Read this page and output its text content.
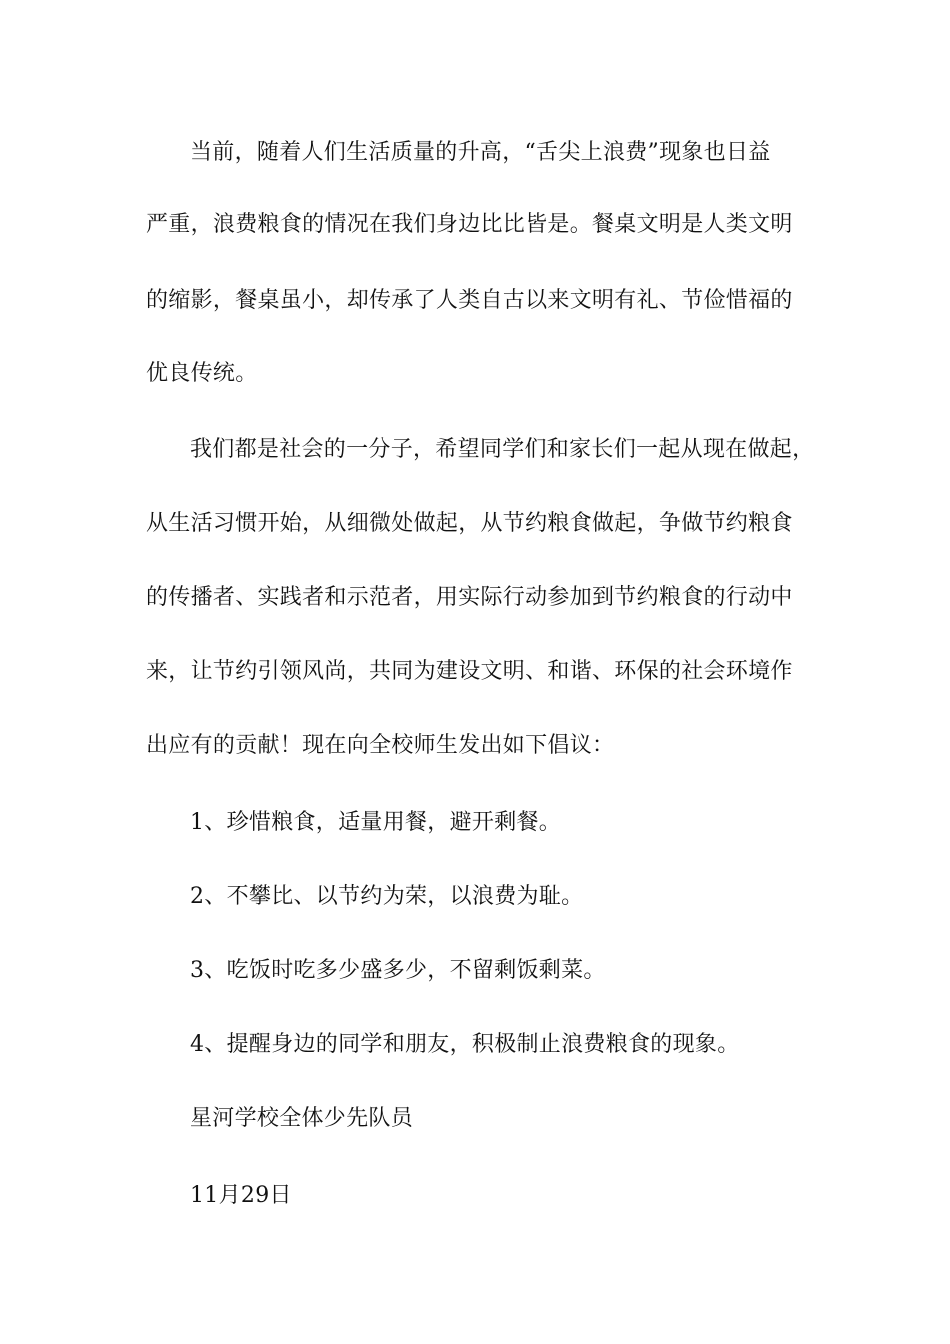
当前，随着人们生活质量的升高，“舌尖上浪费”现象也日益
严重，浪费粮食的情况在我们身边比比皆是。餐桌文明是人类文明
的缩影，餐桌虽小，却传承了人类自古以来文明有礼、节俭惜福的
优良传统。
我们都是社会的一分子，希望同学们和家长们一起从现在做起，
从生活习惯开始，从细微处做起，从节约粮食做起，争做节约粮食
的传播者、实践者和示范者，用实际行动参加到节约粮食的行动中
来，让节约引领风尚，共同为建设文明、和谐、环保的社会环境作
出应有的贡献！现在向全校师生发出如下倡议：
1、珍惜粮食，适量用餐，避开剩餐。
2、不攀比、以节约为荣，以浪费为耻。
3、吃饭时吃多少盛多少，不留剩饭剩菜。
4、提醒身边的同学和朋友，积极制止浪费粮食的现象。
星河学校全体少先队员
11月29日
